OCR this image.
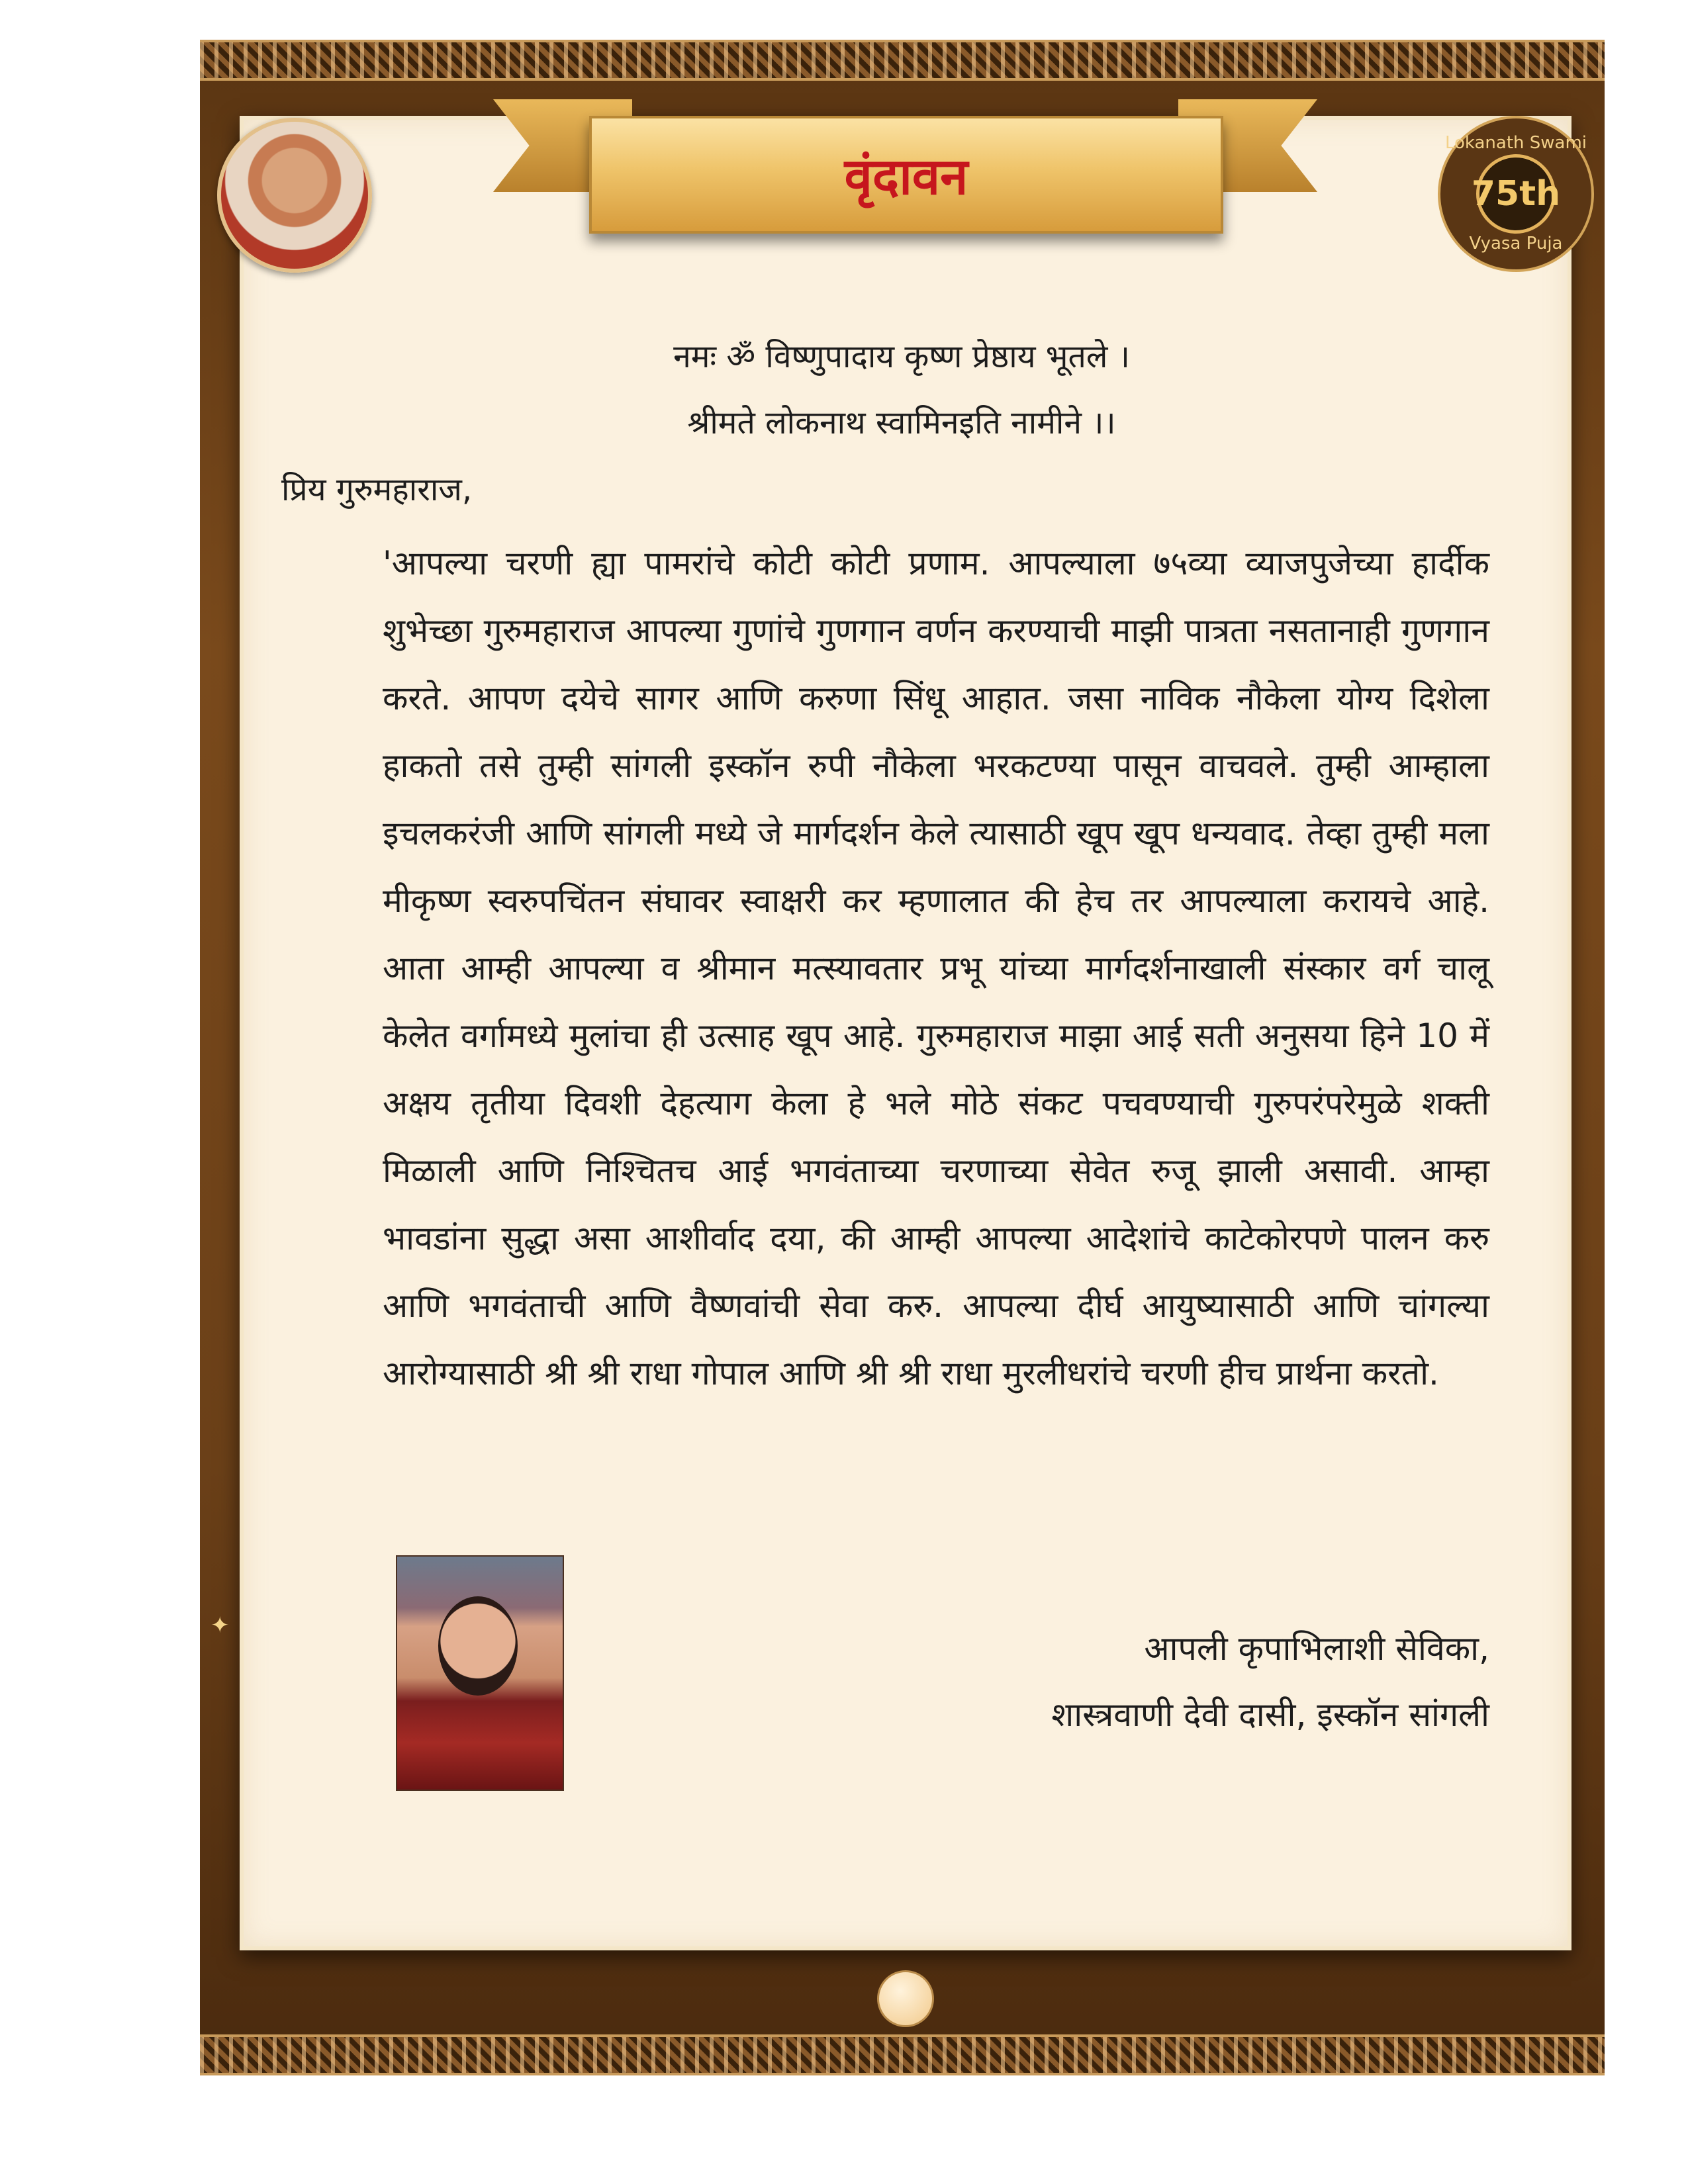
वृंदावन
Lokanath Swami
75th
Vyasa Puja
नमः ॐ विष्णुपादाय कृष्ण प्रेष्ठाय भूतले ।
श्रीमते लोकनाथ स्वामिनइति नामीने ।।
प्रिय गुरुमहाराज,
'आपल्या चरणी ह्या पामरांचे कोटी कोटी प्रणाम. आपल्याला ७५व्या व्याजपुजेच्या हार्दीक शुभेच्छा गुरुमहाराज आपल्या गुणांचे गुणगान वर्णन करण्याची माझी पात्रता नसतानाही गुणगान करते. आपण दयेचे सागर आणि करुणा सिंधू आहात. जसा नाविक नौकेला योग्य दिशेला हाकतो तसे तुम्ही सांगली इस्कॉन रुपी नौकेला भरकटण्या पासून वाचवले. तुम्ही आम्हाला इचलकरंजी आणि सांगली मध्ये जे मार्गदर्शन केले त्यासाठी खूप खूप धन्यवाद. तेव्हा तुम्ही मला मीकृष्ण स्वरुपचिंतन संघावर स्वाक्षरी कर म्हणालात की हेच तर आपल्याला करायचे आहे. आता आम्ही आपल्या व श्रीमान मत्स्यावतार प्रभू यांच्या मार्गदर्शनाखाली संस्कार वर्ग चालू केलेत वर्गामध्ये मुलांचा ही उत्साह खूप आहे. गुरुमहाराज माझा आई सती अनुसया हिने 10 में अक्षय तृतीया दिवशी देहत्याग केला हे भले मोठे संकट पचवण्याची गुरुपरंपरेमुळे शक्ती मिळाली आणि निश्चितच आई भगवंताच्या चरणाच्या सेवेत रुजू झाली असावी. आम्हा भावडांना सुद्धा असा आशीर्वाद दया, की आम्ही आपल्या आदेशांचे काटेकोरपणे पालन करु आणि भगवंताची आणि वैष्णवांची सेवा करु. आपल्या दीर्घ आयुष्यासाठी आणि चांगल्या आरोग्यासाठी श्री श्री राधा गोपाल आणि श्री श्री राधा मुरलीधरांचे चरणी हीच प्रार्थना करतो.
✦
आपली कृपाभिलाशी सेविका,
शास्त्रवाणी देवी दासी, इस्कॉन सांगली
